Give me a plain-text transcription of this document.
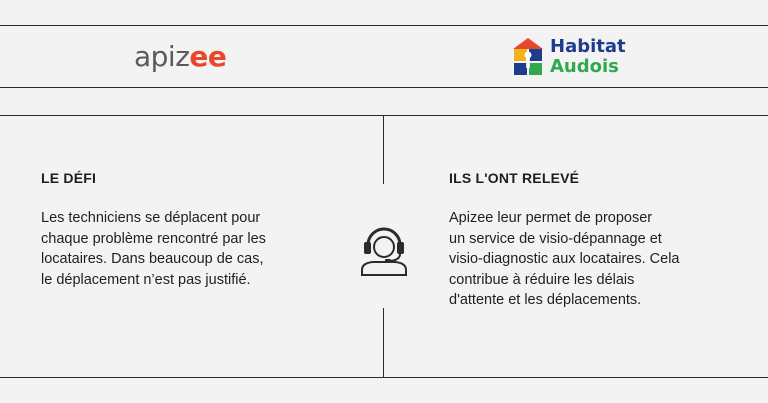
apizee	Habitat
Audois
LE DÉFI
Les techniciens se déplacent pour
chaque problème rencontré par les
locataires. Dans beaucoup de cas,
le déplacement n’est pas justifié.
ILS L'ONT RELEVÉ
Apizee leur permet de proposer
un service de visio-dépannage et
visio-diagnostic aux locataires. Cela
contribue à réduire les délais
d'attente et les déplacements.
